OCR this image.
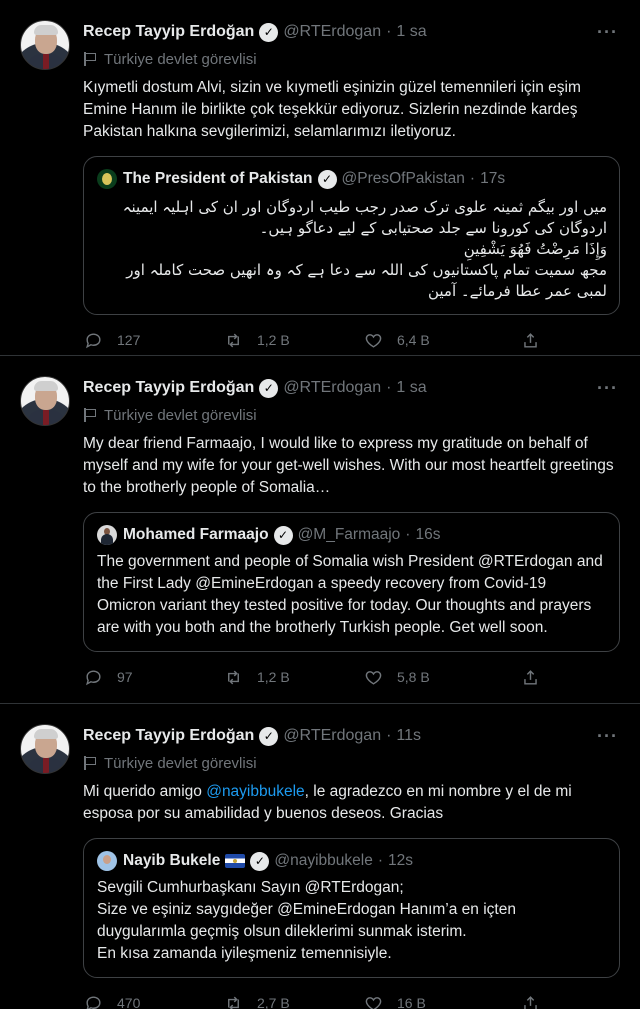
···
Recep Tayyip Erdoğan ✓ @RTErdogan · 1 sa
Türkiye devlet görevlisi
Kıymetli dostum Alvi, sizin ve kıymetli eşinizin güzel temennileri için eşim Emine Hanım ile birlikte çok teşekkür ediyoruz. Sizlerin nezdinde kardeş Pakistan halkına sevgilerimizi, selamlarımızı iletiyoruz.
The President of Pakistan ✓ @PresOfPakistan · 17s
میں اور بیگم ثمینہ علوی ترک صدر رجب طیب اردوگان اور ان کی اہلیہ ایمینہ
اردوگان کی کورونا سے جلد صحتیابی کے لیے دعاگو ہیں۔
وَإِذَا مَرِضْتُ فَهُوَ يَشْفِينِ
مجھ سمیت تمام پاکستانیوں کی اللہ سے دعا ہے کہ وہ انھیں صحت کاملہ اور
لمبی عمر عطا فرمائے۔ آمین
127	1,2 B	6,4 B
···
Recep Tayyip Erdoğan ✓ @RTErdogan · 1 sa
Türkiye devlet görevlisi
My dear friend Farmaajo, I would like to express my gratitude on behalf of myself and my wife for your get-well wishes. With our most heartfelt greetings to the brotherly people of Somalia…
Mohamed Farmaajo ✓ @M_Farmaajo · 16s
The government and people of Somalia wish President @RTErdogan and the First Lady @EmineErdogan a speedy recovery from Covid-19 Omicron variant they tested positive for today. Our thoughts and prayers are with you both and the brotherly Turkish people. Get well soon.
97	1,2 B	5,8 B
···
Recep Tayyip Erdoğan ✓ @RTErdogan · 11s
Türkiye devlet görevlisi
Mi querido amigo @nayibbukele, le agradezco en mi nombre y el de mi esposa por su amabilidad y buenos deseos. Gracias
Nayib Bukele	✓ @nayibbukele · 12s
Sevgili Cumhurbaşkanı Sayın @RTErdogan;
Size ve eşiniz saygıdeğer @EmineErdogan Hanım’a en içten duygularımla geçmiş olsun dileklerimi sunmak isterim.
En kısa zamanda iyileşmeniz temennisiyle.
470	2,7 B	16 B
